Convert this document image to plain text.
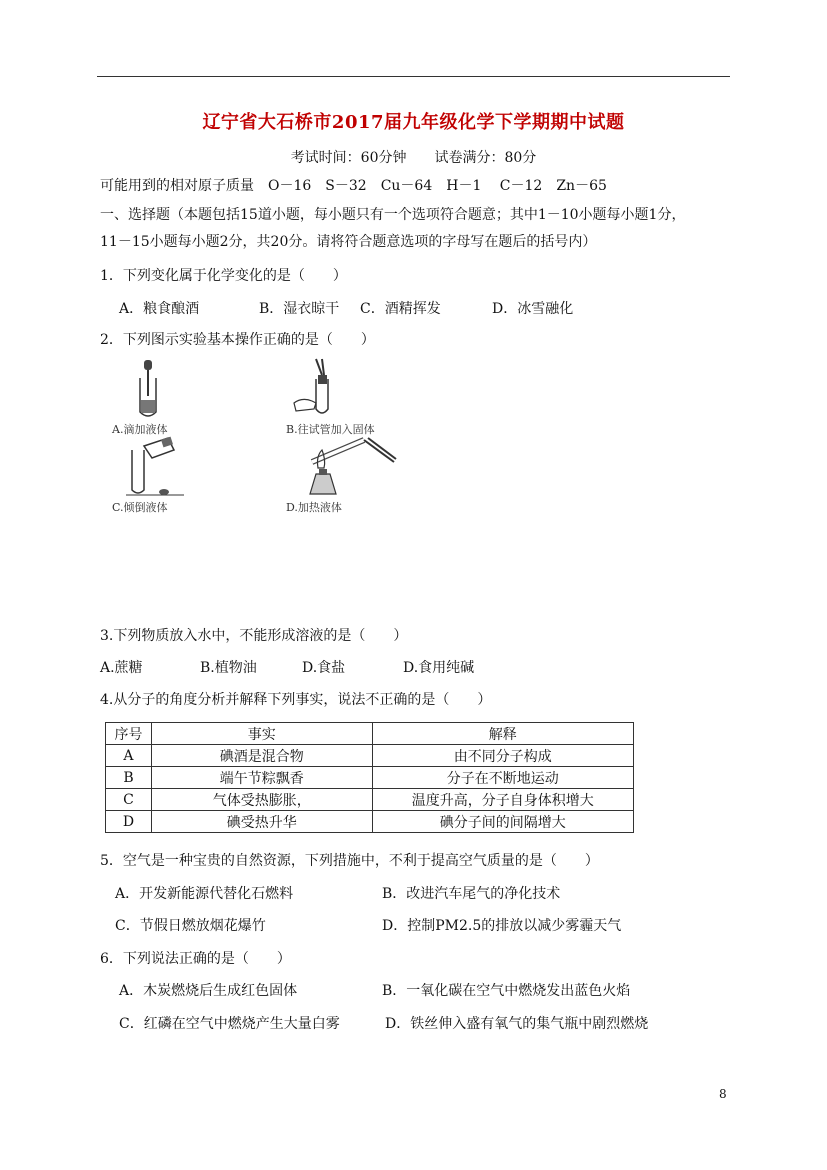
辽宁省大石桥市2017届九年级化学下学期期中试题
考试时间：60分钟　　试卷满分：80分
可能用到的相对原子质量　O－16　S－32　Cu－64　H－1　 C－12　Zn－65
一、选择题（本题包括15道小题，每小题只有一个选项符合题意；其中1－10小题每小题1分，
11－15小题每小题2分，共20分。请将符合题意选项的字母写在题后的括号内）
1．下列变化属于化学变化的是（　　）
A．粮食酿酒	B．湿衣晾干 C．酒精挥发	D．冰雪融化
2．下列图示实验基本操作正确的是（　　）
A.滴加液体	B.往试管加入固体
C.倾倒液体	D.加热液体
3.下列物质放入水中，不能形成溶液的是（　　）
A.蔗糖	B.植物油	D.食盐	D.食用纯碱
4.从分子的角度分析并解释下列事实，说法不正确的是（　　）
序号	事实	解释
A	碘酒是混合物	由不同分子构成
B	端午节粽飘香	分子在不断地运动
C	气体受热膨胀，	温度升高，分子自身体积增大
D	碘受热升华	碘分子间的间隔增大
5．空气是一种宝贵的自然资源，下列措施中，不利于提高空气质量的是（　　）
A．开发新能源代替化石燃料	B．改进汽车尾气的净化技术
C．节假日燃放烟花爆竹	D．控制PM2.5的排放以减少雾霾天气
6．下列说法正确的是（　　）
A．木炭燃烧后生成红色固体	B．一氧化碳在空气中燃烧发出蓝色火焰
C．红磷在空气中燃烧产生大量白雾	D．铁丝伸入盛有氧气的集气瓶中剧烈燃烧
8
